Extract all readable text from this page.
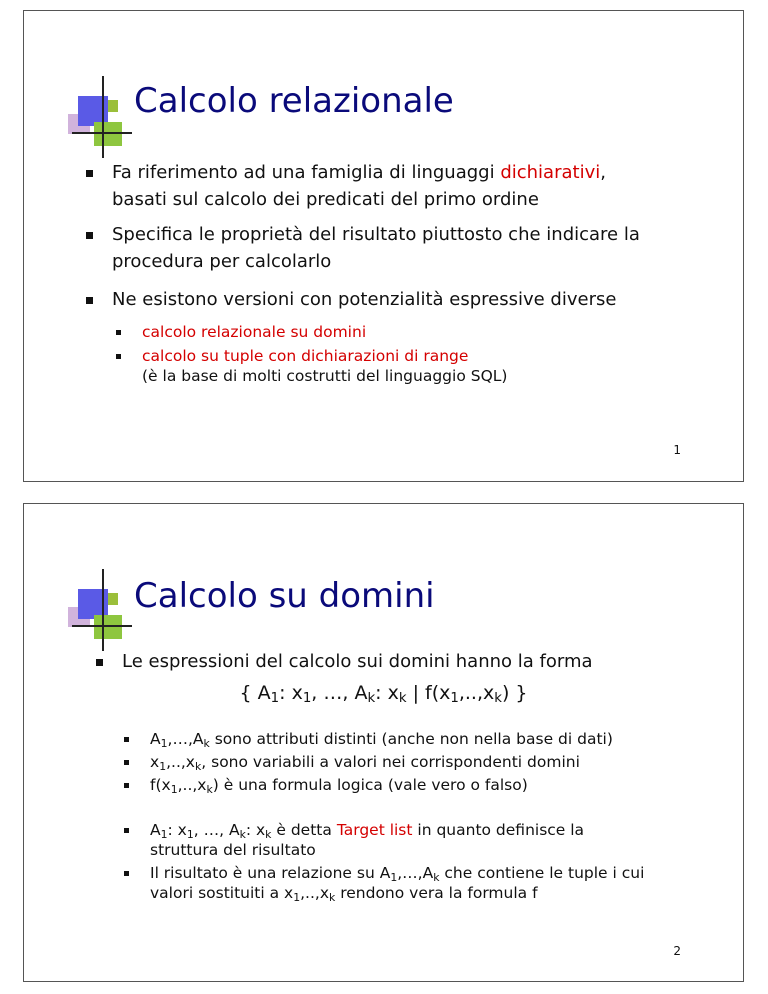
Calcolo relazionale
Fa riferimento ad una famiglia di linguaggi dichiarativi,
basati sul calcolo dei predicati del primo ordine
Specifica le proprietà del risultato piuttosto che indicare la
procedura per calcolarlo
Ne esistono versioni con potenzialità espressive diverse
calcolo relazionale su domini
calcolo su tuple con dichiarazioni di range
(è la base di molti costrutti del linguaggio SQL)
1
Calcolo su domini
Le espressioni del calcolo sui domini hanno la forma
{ $A_1$: $x_1$, …, $A_k$: $x_k$ | $f(x_1,..,x_k)$ }
$A_1,\dots,A_k$ sono attributi distinti (anche non nella base di dati)
$x_1,..,x_k$, sono variabili a valori nei corrispondenti domini
$f(x_1,..,x_k)$ è una formula logica (vale vero o falso)
$A_1$: $x_1$, …, $A_k$: $x_k$ è detta Target list in quanto definisce la
struttura del risultato
Il risultato è una relazione su $A_1,\dots,A_k$ che contiene le tuple i cui
valori sostituiti a $x_1,..,x_k$ rendono vera la formula f
2
